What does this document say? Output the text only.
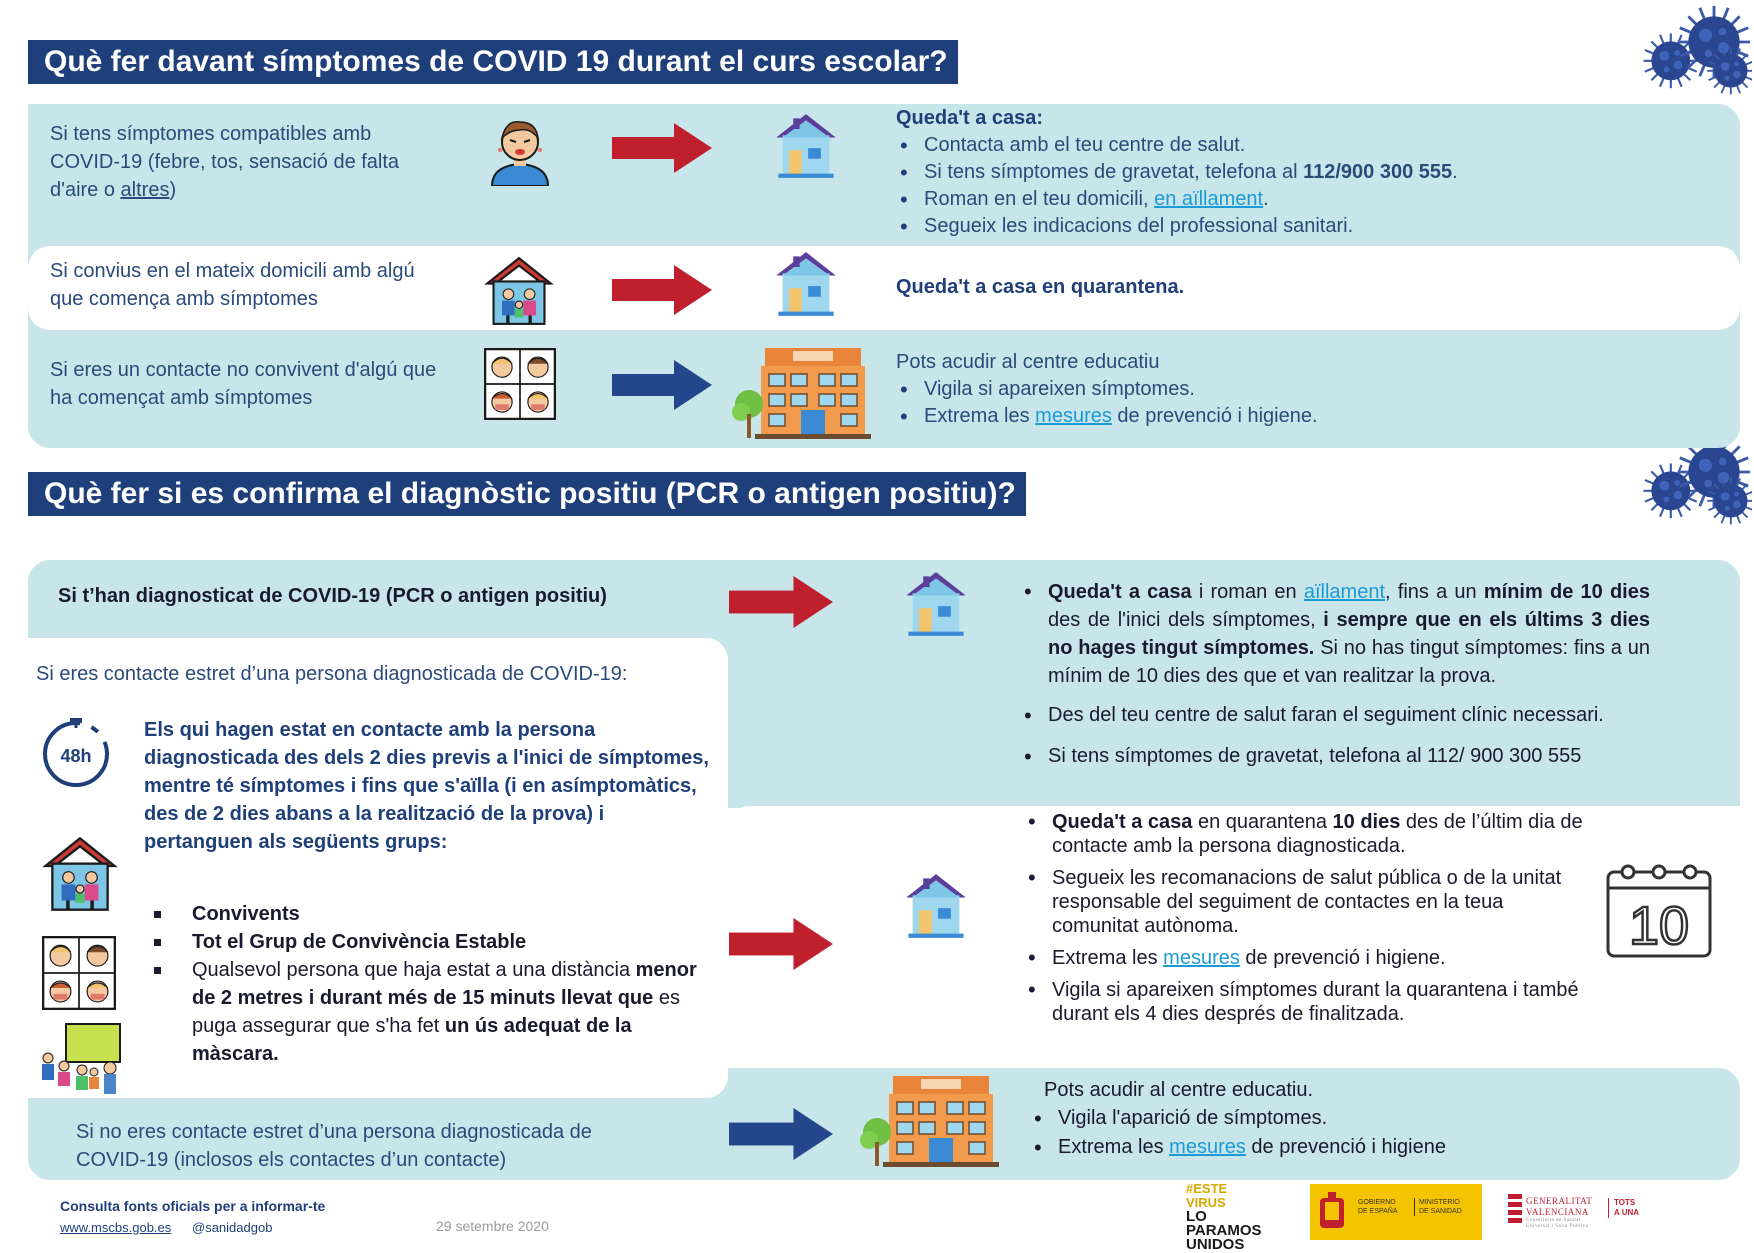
Què fer davant símptomes de COVID 19 durant el curs escolar?
Si tens símptomes compatibles amb COVID-19 (febre, tos, sensació de falta d'aire o altres)
Queda't a casa:
• Contacta amb el teu centre de salut.
• Si tens símptomes de gravetat, telefona al 112/900 300 555.
• Roman en el teu domicili, en aïllament.
• Segueix les indicacions del professional sanitari.
Si convius en el mateix domicili amb algú que comença amb símptomes
Queda't a casa en quarantena.
Si eres un contacte no convivent d'algú que ha començat amb símptomes
Pots acudir al centre educatiu
• Vigila si apareixen símptomes.
• Extrema les mesures de prevenció i higiene.
Què fer si es confirma el diagnòstic positiu (PCR o antigen positiu)?
Si t’han diagnosticat de COVID-19 (PCR o antigen positiu)	• Queda't a casa i roman en aïllament, fins a un mínim de 10 dies des de l'inici dels símptomes, i sempre que en els últims 3 dies no hages tingut símptomes. Si no has tingut símptomes: fins a un mínim de 10 dies des que et van realitzar la prova.
• Des del teu centre de salut faran el seguiment clínic necessari.
• Si tens símptomes de gravetat, telefona al 112/ 900 300 555
Si eres contacte estret d’una persona diagnosticada de COVID-19:
48h
Els qui hagen estat en contacte amb la persona diagnosticada des dels 2 dies previs a l'inici de símptomes, mentre té símptomes i fins que s'aïlla (i en asímptomàtics, des de 2 dies abans a la realització de la prova) i pertanguen als següents grups:
Convivents
Tot el Grup de Convivència Estable
Qualsevol persona que haja estat a una distància menor de 2 metres i durant més de 15 minuts llevat que es puga assegurar que s'ha fet un ús adequat de la màscara.
• Queda't a casa en quarantena 10 dies des de l’últim dia de contacte amb la persona diagnosticada.
• Segueix les recomanacions de salut pública o de la unitat responsable del seguiment de contactes en la teua comunitat autònoma.
• Extrema les mesures de prevenció i higiene.
• Vigila si apareixen símptomes durant la quarantena i també durant els 4 dies després de finalitzada.
10
Si no eres contacte estret d’una persona diagnosticada de COVID-19 (inclosos els contactes d’un contacte)
Pots acudir al centre educatiu.
• Vigila l'aparició de símptomes.
• Extrema les mesures de prevenció i higiene
Consulta fonts oficials per a informar-te
www.mscbs.gob.es @sanidadgob	29 setembre 2020
#ESTE
VIRUS
LO
PARAMOS
UNIDOS
GOBIERNO
DE ESPAÑA
MINISTERIO
DE SANIDAD
GENERALITAT
VALENCIANA
Conselleria de Sanitat
Universal i Salut Pública
TOTS
A UNA
